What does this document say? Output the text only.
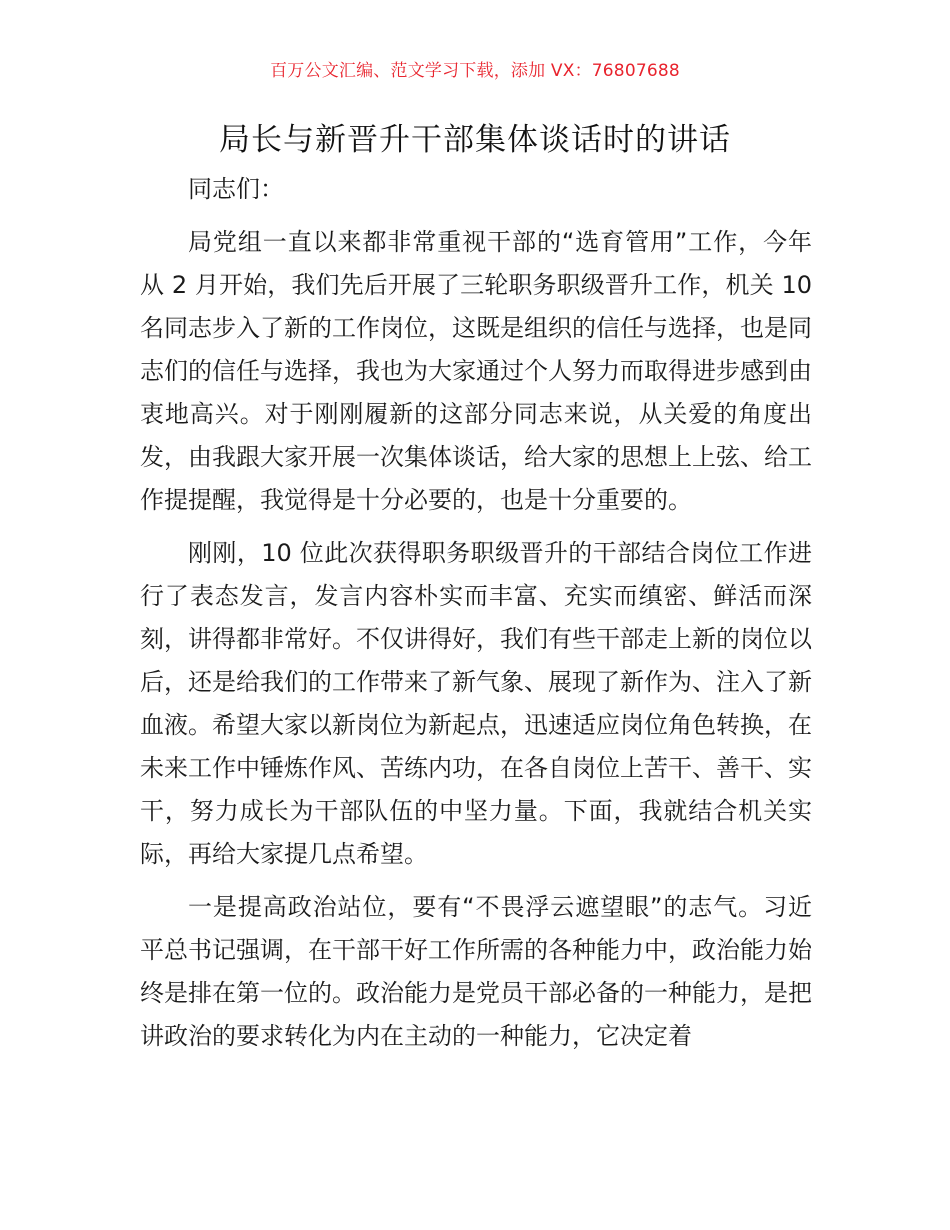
百万公文汇编、范文学习下载，添加 VX：76807688
局长与新晋升干部集体谈话时的讲话

同志们：

局党组一直以来都非常重视干部的“选育管用”工作，今年从 2 月开始，我们先后开展了三轮职务职级晋升工作，机关 10 名同志步入了新的工作岗位，这既是组织的信任与选择，也是同志们的信任与选择，我也为大家通过个人努力而取得进步感到由衷地高兴。对于刚刚履新的这部分同志来说，从关爱的角度出发，由我跟大家开展一次集体谈话，给大家的思想上上弦、给工作提提醒，我觉得是十分必要的，也是十分重要的。

刚刚，10 位此次获得职务职级晋升的干部结合岗位工作进行了表态发言，发言内容朴实而丰富、充实而缜密、鲜活而深刻，讲得都非常好。不仅讲得好，我们有些干部走上新的岗位以后，还是给我们的工作带来了新气象、展现了新作为、注入了新血液。希望大家以新岗位为新起点，迅速适应岗位角色转换，在未来工作中锤炼作风、苦练内功，在各自岗位上苦干、善干、实干，努力成长为干部队伍的中坚力量。下面，我就结合机关实际，再给大家提几点希望。

一是提高政治站位，要有“不畏浮云遮望眼”的志气。习近平总书记强调，在干部干好工作所需的各种能力中，政治能力始终是排在第一位的。政治能力是党员干部必备的一种能力，是把讲政治的要求转化为内在主动的一种能力，它决定着
